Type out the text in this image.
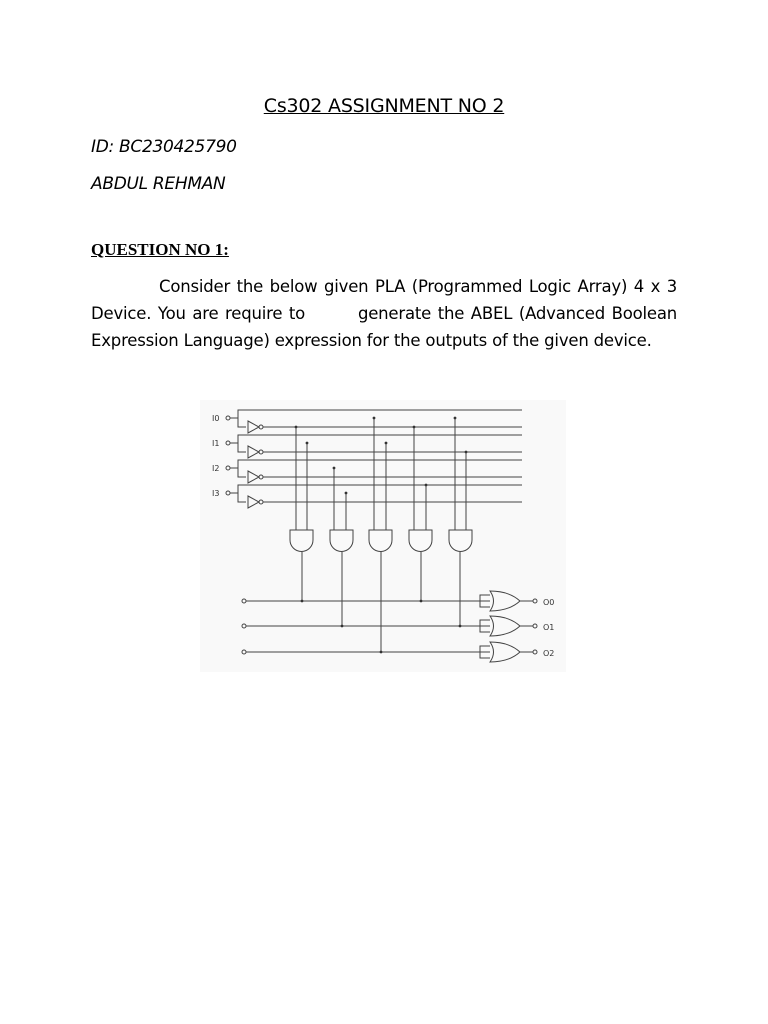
Cs302 ASSIGNMENT NO 2
ID: BC230425790
ABDUL REHMAN
QUESTION NO 1:

Consider the below given PLA (Programmed Logic Array) 4 x 3 Device. You are require to        generate the ABEL (Advanced Boolean Expression Language) expression for the outputs of the given device.

I0
I1
I2
I3
O0
O1
O2
